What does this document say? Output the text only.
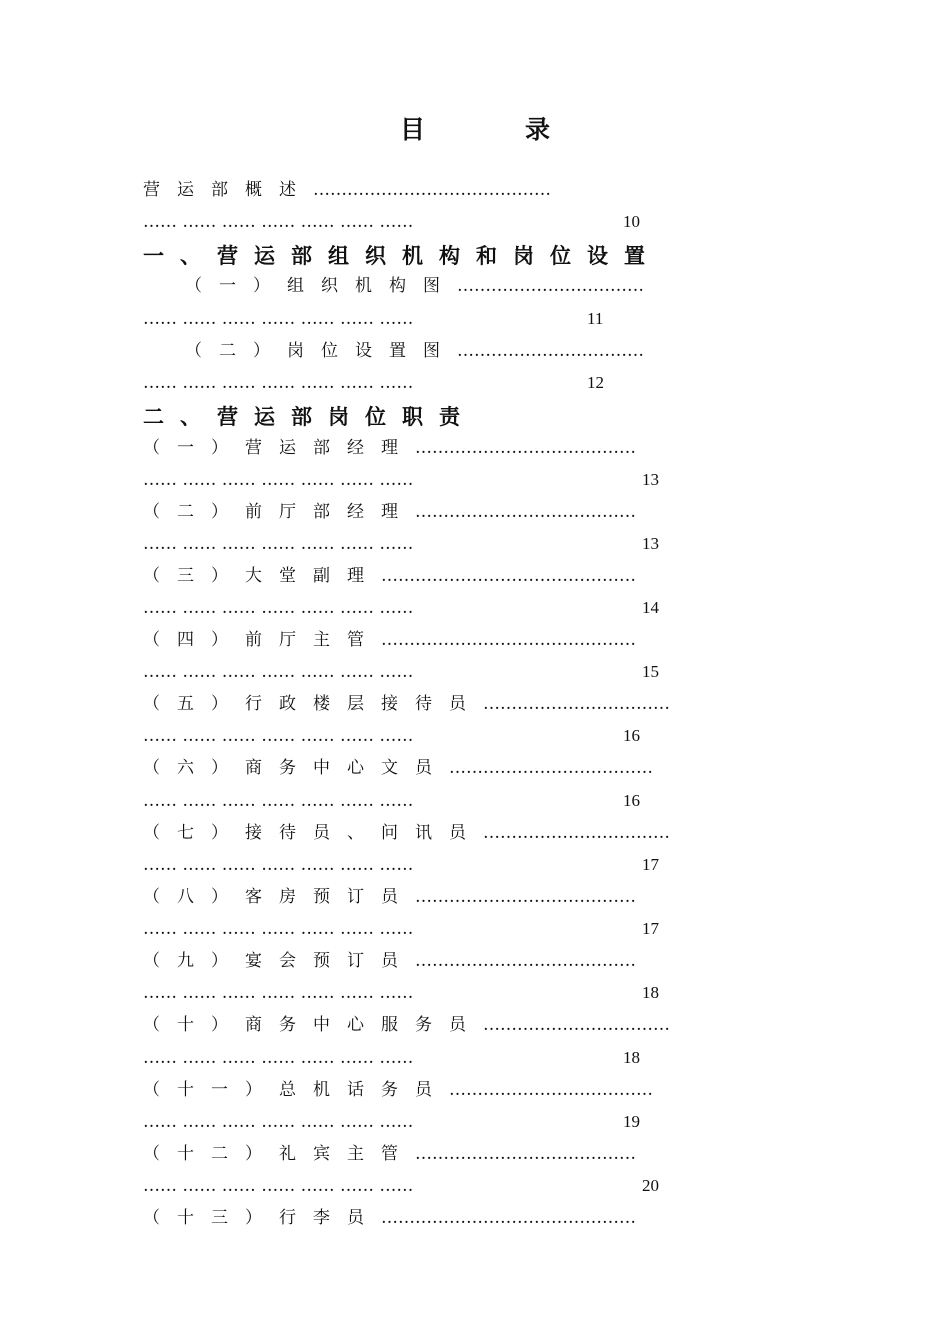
目	录
营运部概述……………………………………
…… …… …… …… …… …… ……	10
一、营运部组织机构和岗位设置
（一）组织机构图……………………………
…… …… …… …… …… …… ……	11
（二）岗位设置图……………………………
…… …… …… …… …… …… ……	12
二、营运部岗位职责
（一）营运部经理…………………………………
…… …… …… …… …… …… ……	13
（二）前厅部经理…………………………………
…… …… …… …… …… …… ……	13
（三）大堂副理………………………………………
…… …… …… …… …… …… ……	14
（四）前厅主管………………………………………
…… …… …… …… …… …… ……	15
（五）行政楼层接待员……………………………
…… …… …… …… …… …… ……	16
（六）商务中心文员………………………………
…… …… …… …… …… …… ……	16
（七）接待员、问讯员……………………………
…… …… …… …… …… …… ……	17
（八）客房预订员…………………………………
…… …… …… …… …… …… ……	17
（九）宴会预订员…………………………………
…… …… …… …… …… …… ……	18
（十）商务中心服务员……………………………
…… …… …… …… …… …… ……	18
（十一）总机话务员………………………………
…… …… …… …… …… …… ……	19
（十二）礼宾主管…………………………………
…… …… …… …… …… …… ……	20
（十三）行李员………………………………………
